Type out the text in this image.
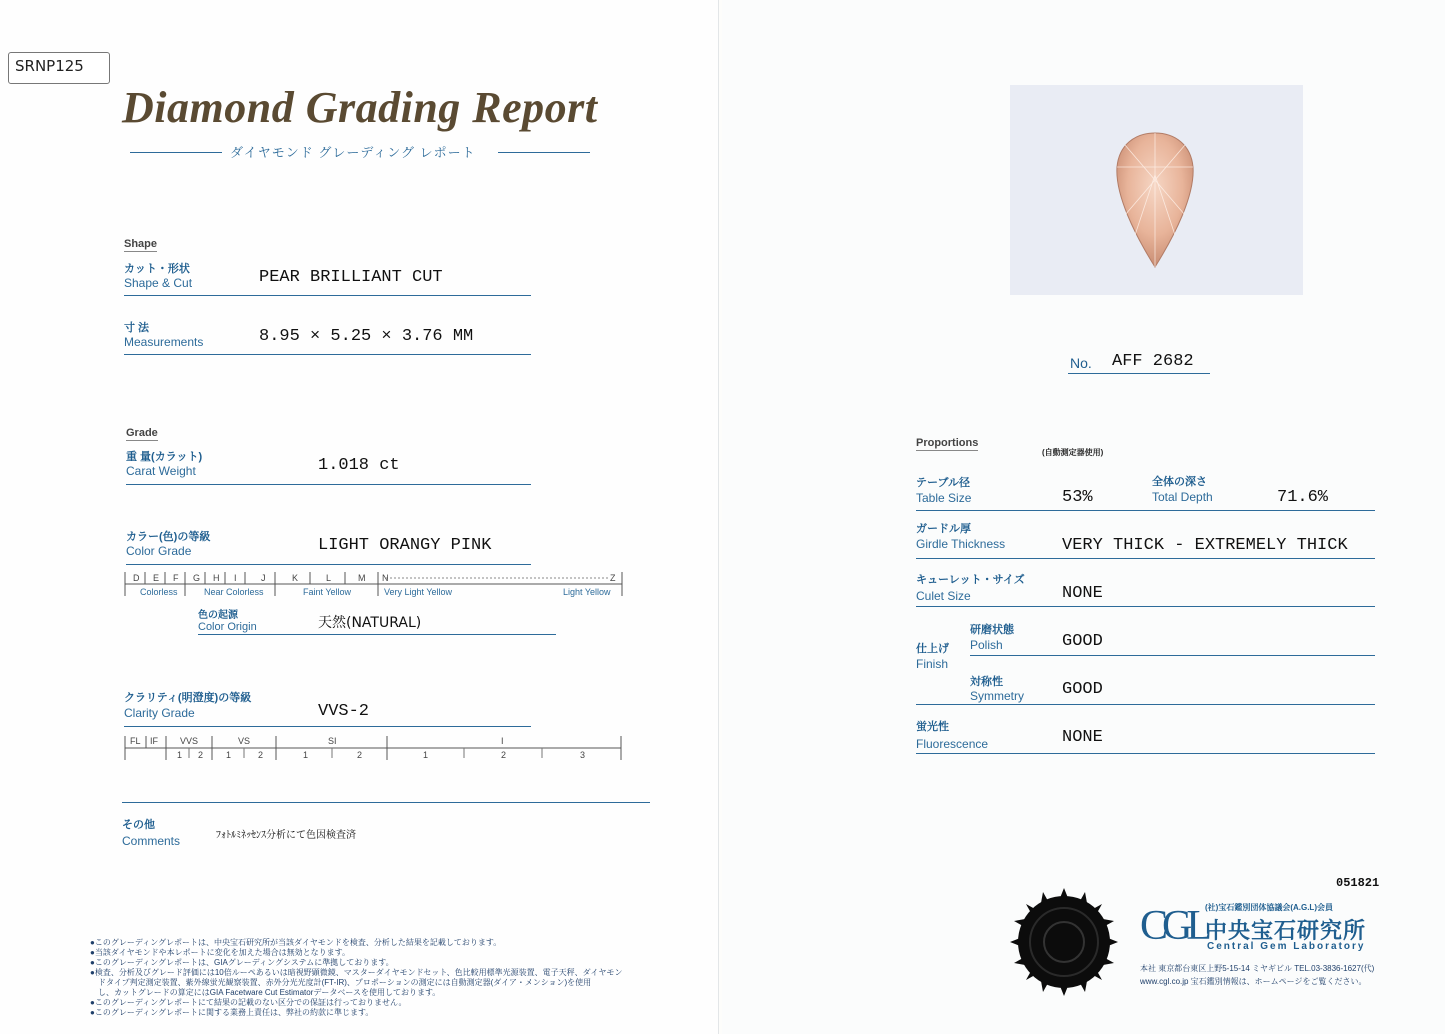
SRNP125
Diamond Grading Report
ダイヤモンド グレーディング レポート
Shape
カット・形状
Shape & Cut	PEAR BRILLIANT CUT
寸 法
Measurements	8.95 × 5.25 × 3.76 MM
Grade
重 量(カラット)
Carat Weight	1.018 ct
カラー(色)の等級
Color Grade	LIGHT ORANGY PINK
D E F G H I	J	K	L	M N	Z
Colorless	Near Colorless	Faint Yellow	Very Light Yellow	Light Yellow
色の起源
Color Origin	天然(NATURAL)
クラリティ(明澄度)の等級
Clarity Grade	VVS-2
FL IF VVS	VS	SI	I
1 2	1	2	1	2	1	2	3
その他
Comments	ﾌｫﾄﾙﾐﾈｯｾﾝｽ分析にて色因検査済
●このグレーディングレポートは、中央宝石研究所が当該ダイヤモンドを検査、分析した結果を記載しております。
●当該ダイヤモンドや本レポートに変化を加えた場合は無効となります。
●このグレーディングレポートは、GIAグレーディングシステムに準拠しております。
●検査、分析及びグレード評価には10倍ルーペあるいは暗視野顕微鏡、マスターダイヤモンドセット、色比較用標準光源装置、電子天秤、ダイヤモン
　ドタイプ判定測定装置、紫外線蛍光観察装置、赤外分光光度計(FT-IR)、プロポーションの測定には自動測定器(ダイア・メンション)を使用
　し、カットグレードの算定にはGIA Facetware Cut Estimatorデータベースを使用しております。
●このグレーディングレポートにて結果の記載のない区分での保証は行っておりません。
●このグレーディングレポートに関する業務上責任は、弊社の約款に準じます。
No. AFF 2682
Proportions
(自動測定器使用)
テーブル径
Table Size	53%
全体の深さ
Total Depth	71.6%
ガードル厚
Girdle Thickness	VERY THICK - EXTREMELY THICK
キューレット・サイズ
Culet Size	NONE
仕上げ
Finish
研磨状態
Polish	GOOD
対称性
Symmetry GOOD
蛍光性
Fluorescence	NONE
051821
CGL (社)宝石鑑別団体協議会(A.G.L)会員
中央宝石研究所
Central Gem Laboratory
本社 東京都台東区上野5-15-14 ミヤギビル TEL.03-3836-1627(代)
www.cgl.co.jp 宝石鑑別情報は、ホームページをご覧ください。
